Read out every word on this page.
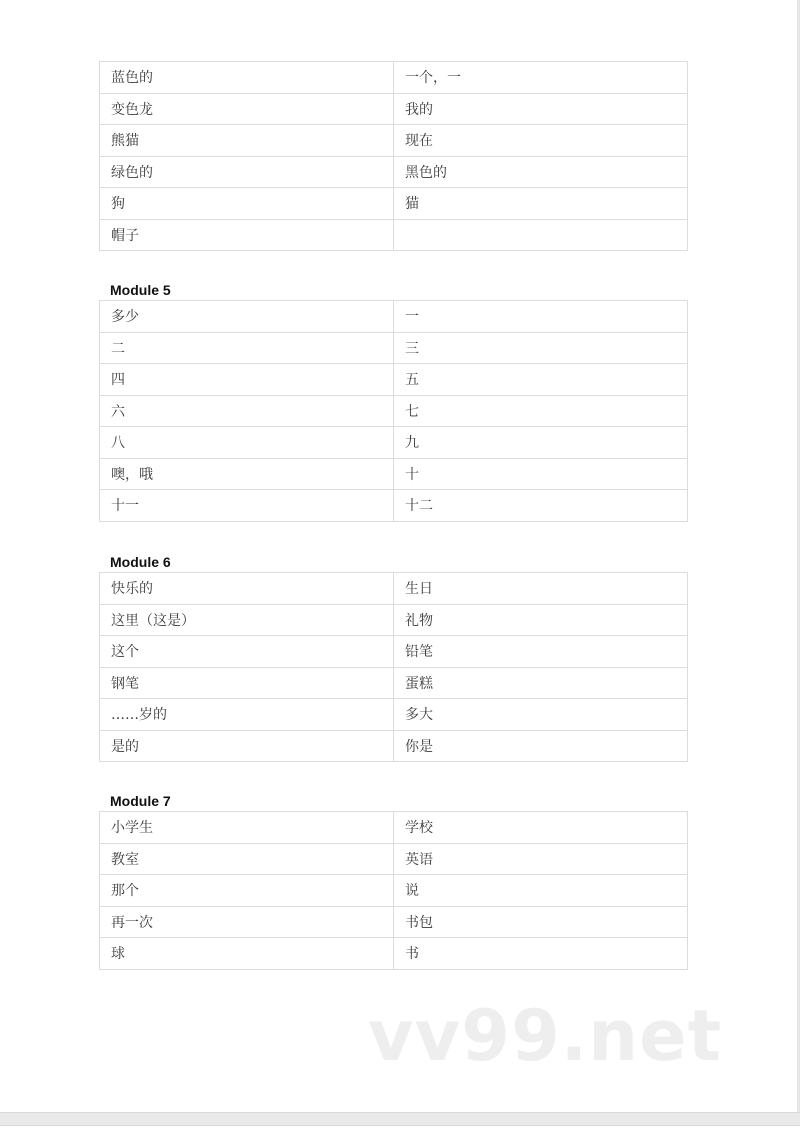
蓝色的	一个，一
变色龙	我的
熊猫	现在
绿色的	黑色的
狗	猫
帽子	
Module 5
多少	一
二	三
四	五
六	七
八	九
噢，哦	十
十一	十二
Module 6
快乐的	生日
这里（这是）	礼物
这个	铅笔
钢笔	蛋糕
……岁的	多大
是的	你是
Module 7
小学生	学校
教室	英语
那个	说
再一次	书包
球	书
vv99.net
